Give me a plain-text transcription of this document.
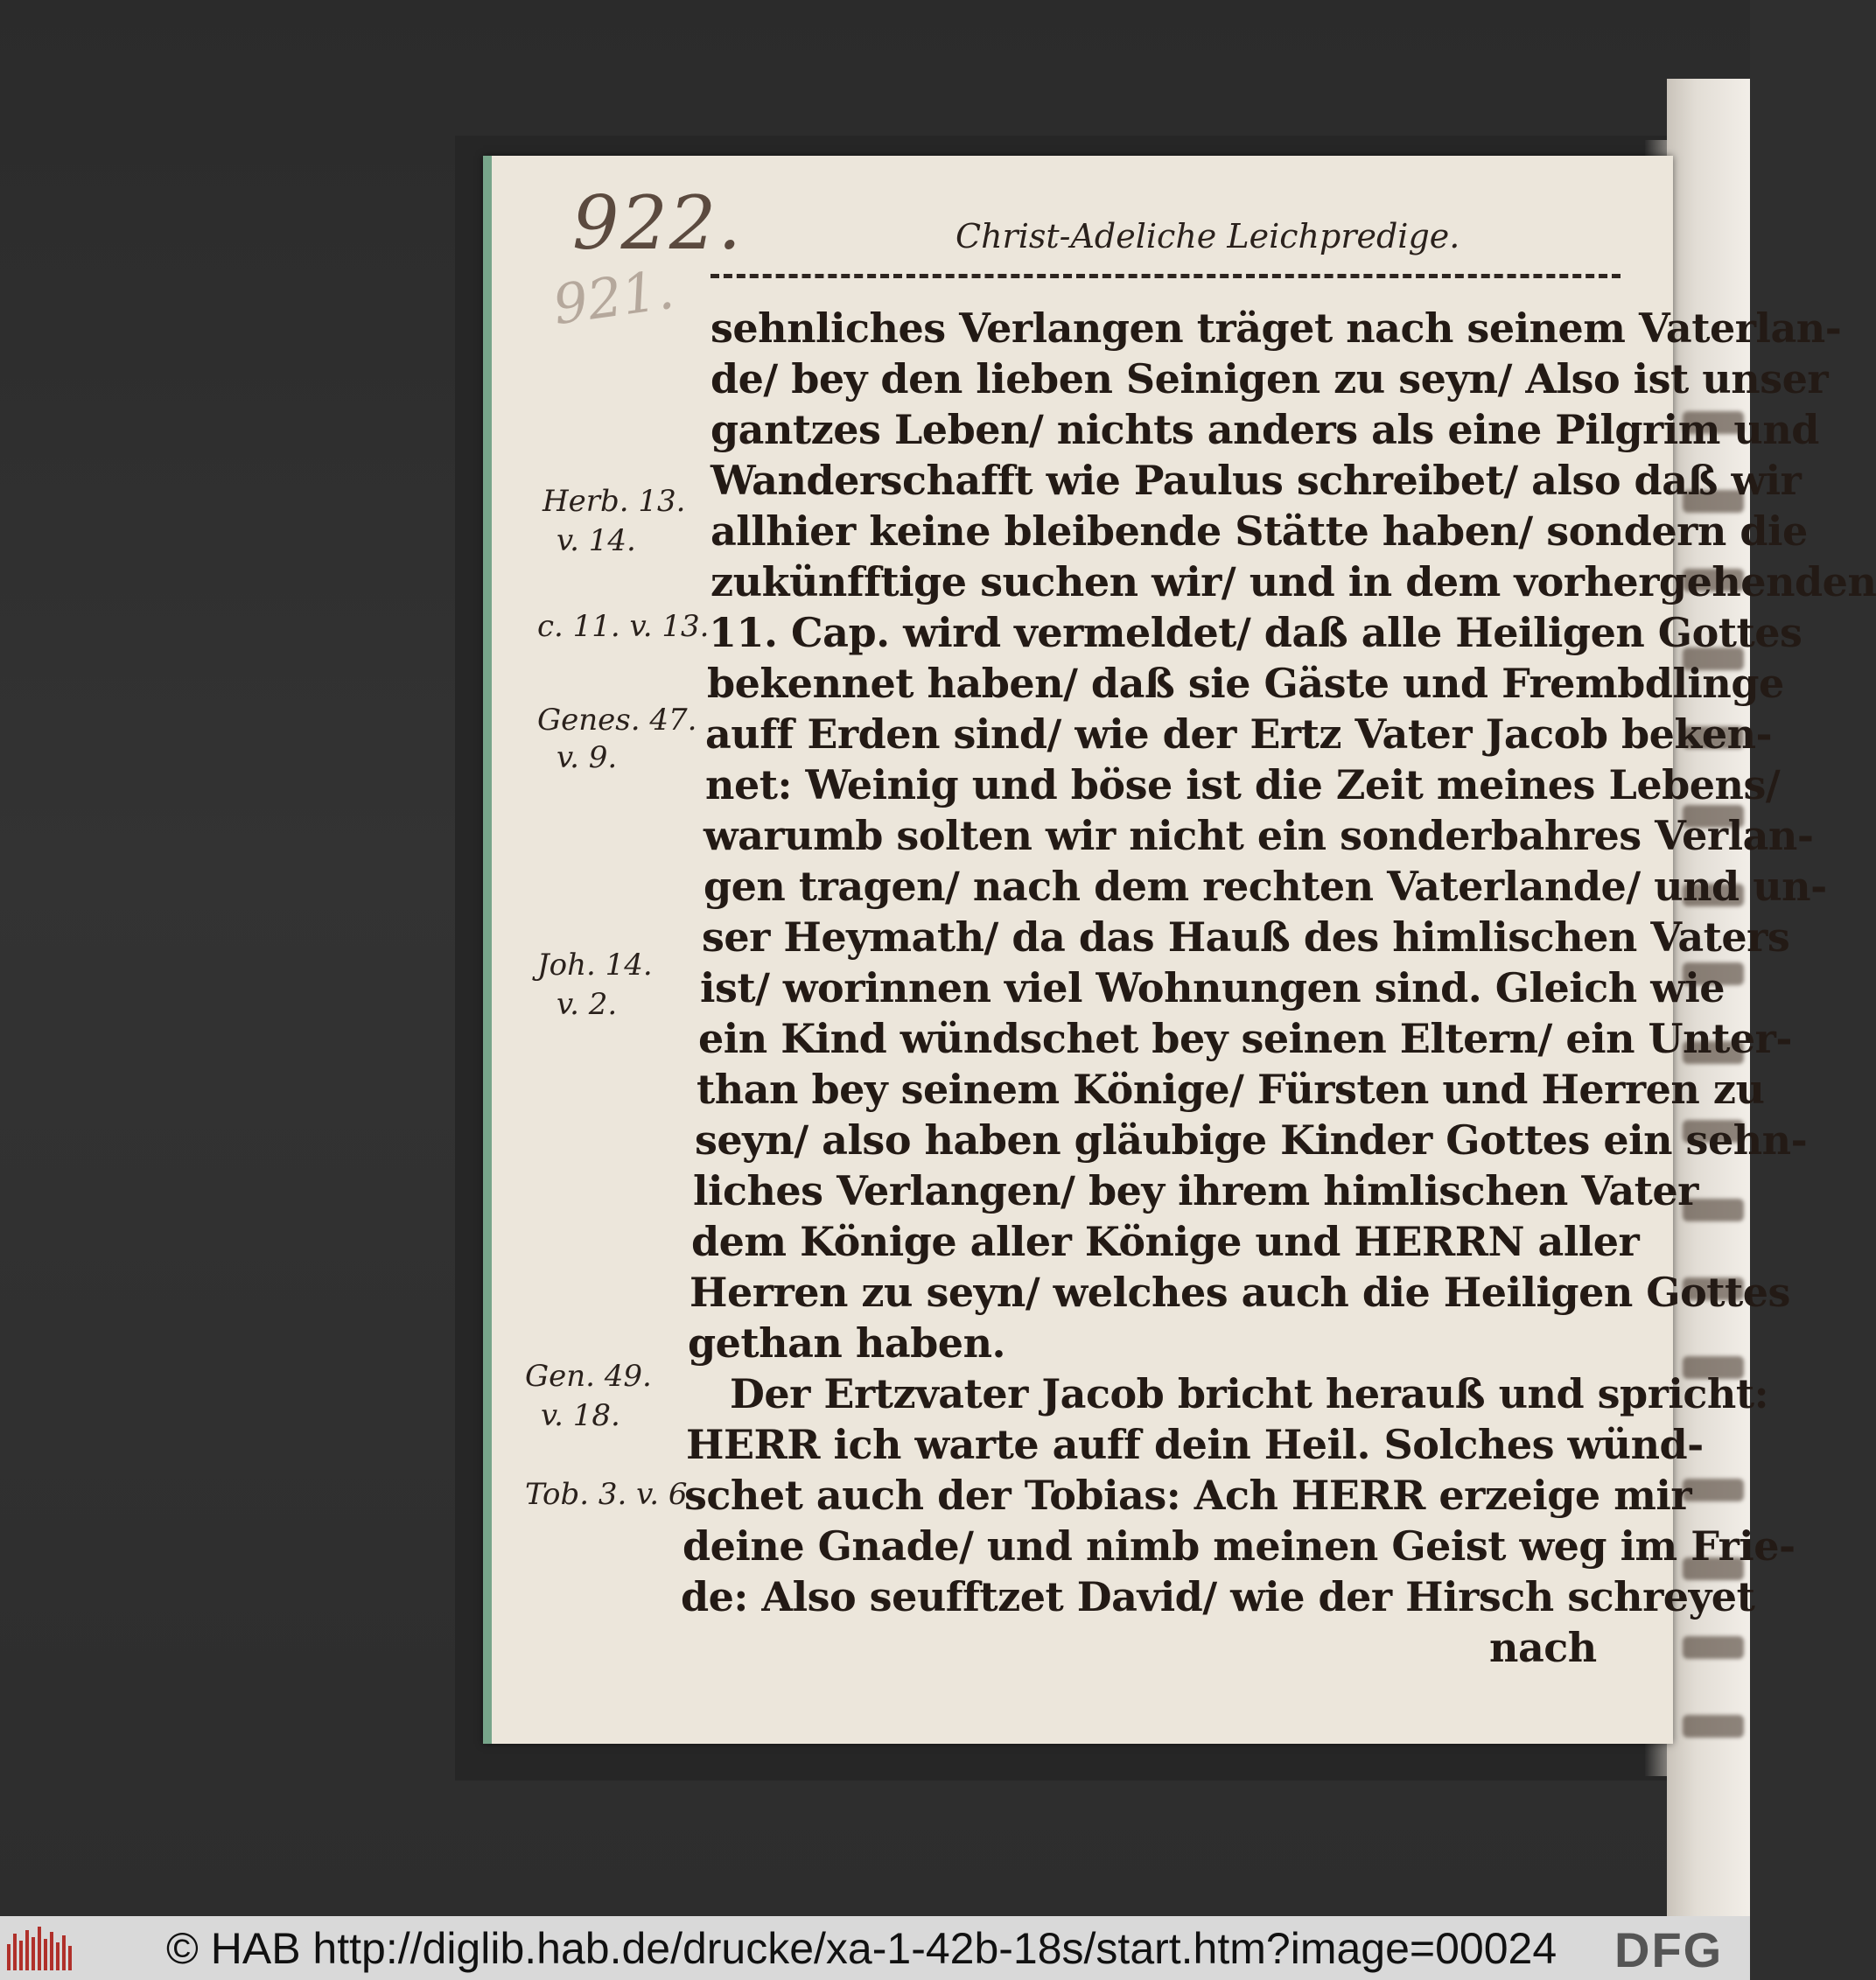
922.
921.
Christ-Adeliche Leichpredige.
sehnliches Verlangen träget nach seinem Vaterlan-
de/ bey den lieben Seinigen zu seyn/ Also ist unser
gantzes Leben/ nichts anders als eine Pilgrim und
Wanderschafft wie Paulus schreibet/ also daß wir
allhier keine bleibende Stätte haben/ sondern die
zukünfftige suchen wir/ und in dem vorhergehenden
11. Cap. wird vermeldet/ daß alle Heiligen Gottes
bekennet haben/ daß sie Gäste und Frembdlinge
auff Erden sind/ wie der Ertz Vater Jacob beken-
net: Weinig und böse ist die Zeit meines Lebens/
warumb solten wir nicht ein sonderbahres Verlan-
gen tragen/ nach dem rechten Vaterlande/ und un-
ser Heymath/ da das Hauß des himlischen Vaters
ist/ worinnen viel Wohnungen sind. Gleich wie
ein Kind wündschet bey seinen Eltern/ ein Unter-
than bey seinem Könige/ Fürsten und Herren zu
seyn/ also haben gläubige Kinder Gottes ein sehn-
liches Verlangen/ bey ihrem himlischen Vater
dem Könige aller Könige und HERRN aller
Herren zu seyn/ welches auch die Heiligen Gottes
gethan haben.
Der Ertzvater Jacob bricht herauß und spricht:
HERR ich warte auff dein Heil. Solches wünd-
schet auch der Tobias: Ach HERR erzeige mir
deine Gnade/ und nimb meinen Geist weg im Frie-
de: Also seufftzet David/ wie der Hirsch schreyet
nach
Herb. 13.
v. 14.
c. 11. v. 13.
Genes. 47.
v. 9.
Joh. 14.
v. 2.
Gen. 49.
v. 18.
Tob. 3. v. 6
© HAB http://diglib.hab.de/drucke/xa-1-42b-18s/start.htm?image=00024 DFG
